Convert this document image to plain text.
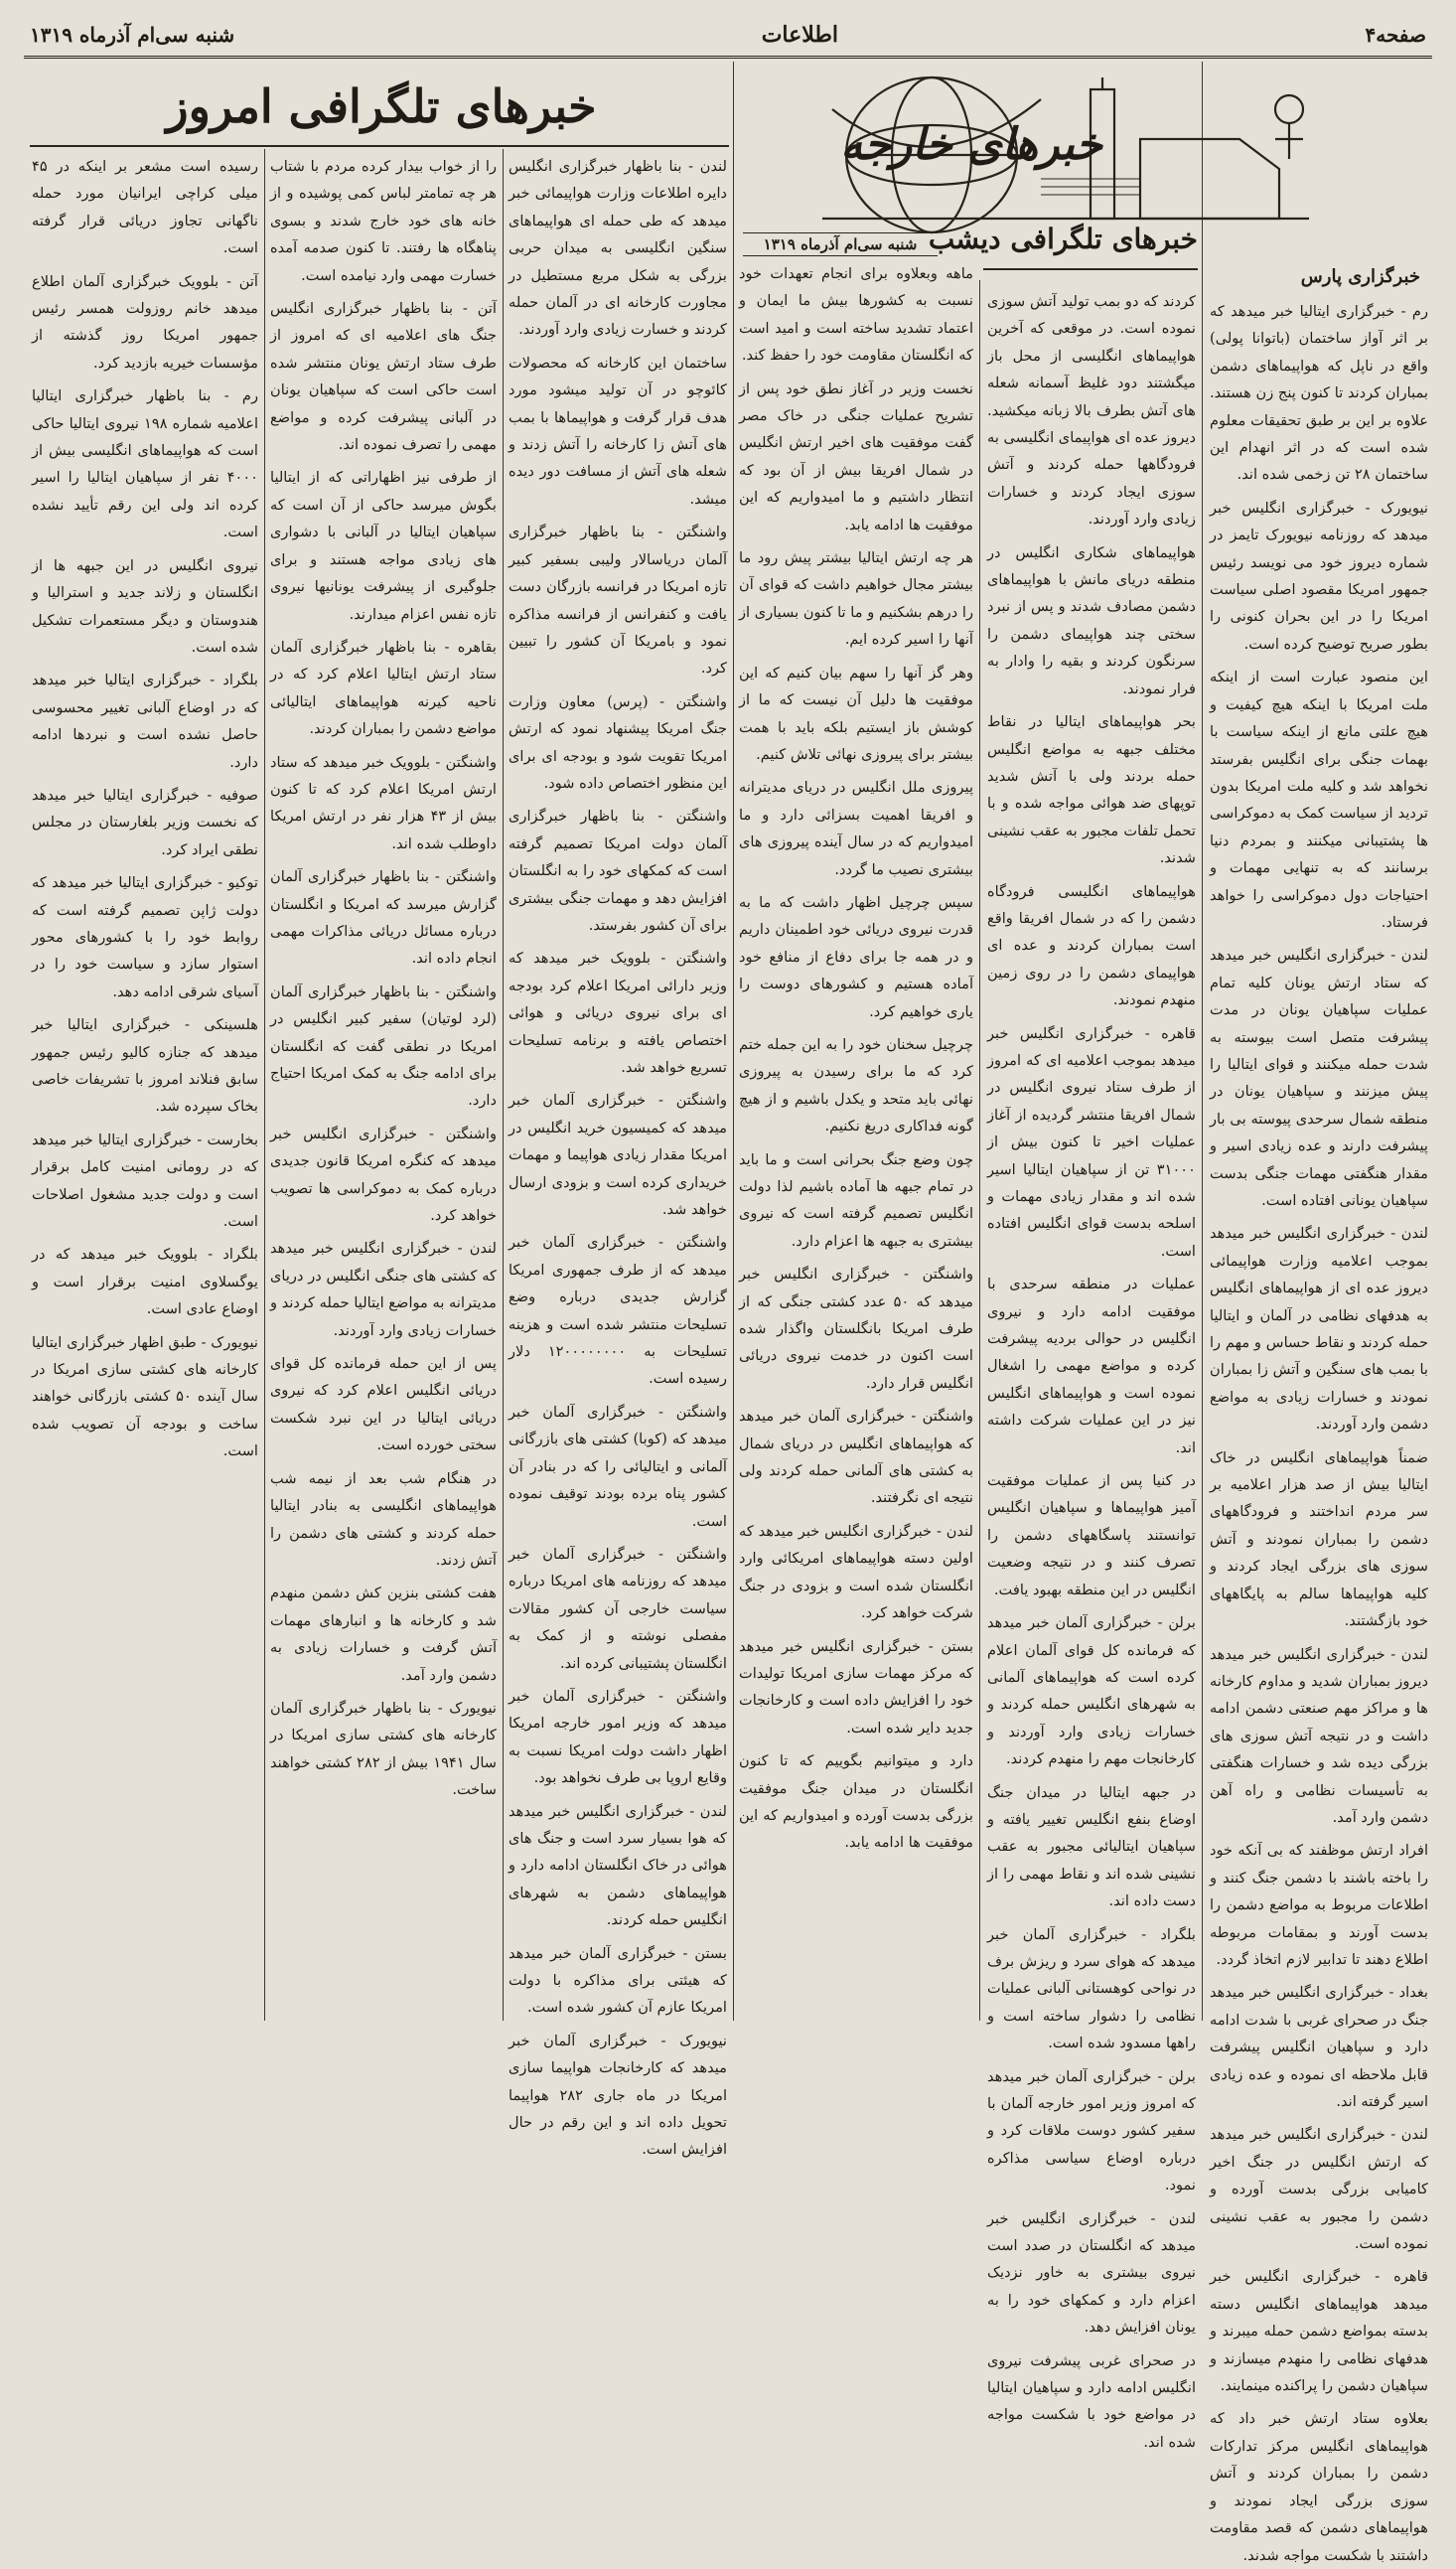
صفحه۴
اطلاعات
شنبه سی‌ام آذرماه ۱۳۱۹
خبرهای خارجه
خبرگزاری پارس
خبرهای تلگرافی دیشب
شنبه سی‌ام آذرماه ۱۳۱۹
خبرهای تلگرافی امروز

رم - خبرگزاری ایتالیا خبر میدهد که بر اثر آواز ساختمان (باتوانا پولی) واقع در ناپل که هواپیماهای دشمن بمباران کردند تا کنون پنج زن هستند. علاوه بر این بر طبق تحقیقات معلوم شده است که در اثر انهدام این ساختمان ۲۸ تن زخمی شده اند.

نیویورک - خبرگزاری انگلیس خبر میدهد که روزنامه نیویورک تایمز در شماره دیروز خود می نویسد رئیس جمهور امریکا مقصود اصلی سیاست امریکا را در این بحران کنونی را بطور صریح توضیح کرده است.

این منصود عبارت است از اینکه ملت امریکا با اینکه هیچ کیفیت و هیچ علتی مانع از اینکه سیاست با بهمات جنگی برای انگلیس بفرستد نخواهد شد و کلیه ملت امریکا بدون تردید از سیاست کمک به دموکراسی ها پشتیبانی میکنند و بمردم دنیا برسانند که به تنهایی مهمات و احتیاجات دول دموکراسی را خواهد فرستاد.

لندن - خبرگزاری انگلیس خبر میدهد که ستاد ارتش یونان کلیه تمام عملیات سپاهیان یونان در مدت پیشرفت متصل است بیوسته به شدت حمله میکنند و قوای ایتالیا را پیش میزنند و سپاهیان یونان در منطقه شمال سرحدی پیوسته بی بار پیشرفت دارند و عده زیادی اسیر و مقدار هنگفتی مهمات جنگی بدست سپاهیان یونانی افتاده است.

لندن - خبرگزاری انگلیس خبر میدهد بموجب اعلامیه وزارت هواپیمائی دیروز عده ای از هواپیماهای انگلیس به هدفهای نظامی در آلمان و ایتالیا حمله کردند و نقاط حساس و مهم را با بمب های سنگین و آتش زا بمباران نمودند و خسارات زیادی به مواضع دشمن وارد آوردند.

ضمناً هواپیماهای انگلیس در خاک ایتالیا بیش از صد هزار اعلامیه بر سر مردم انداختند و فرودگاههای دشمن را بمباران نمودند و آتش سوزی های بزرگی ایجاد کردند و کلیه هواپیماها سالم به پایگاههای خود بازگشتند.

لندن - خبرگزاری انگلیس خبر میدهد دیروز بمباران شدید و مداوم کارخانه ها و مراکز مهم صنعتی دشمن ادامه داشت و در نتیجه آتش سوزی های بزرگی دیده شد و خسارات هنگفتی به تأسیسات نظامی و راه آهن دشمن وارد آمد.

افراد ارتش موظفند که بی آنکه خود را باخته باشند با دشمن جنگ کنند و اطلاعات مربوط به مواضع دشمن را بدست آورند و بمقامات مربوطه اطلاع دهند تا تدابیر لازم اتخاذ گردد.

بغداد - خبرگزاری انگلیس خبر میدهد جنگ در صحرای غربی با شدت ادامه دارد و سپاهیان انگلیس پیشرفت قابل ملاحظه ای نموده و عده زیادی اسیر گرفته اند.

لندن - خبرگزاری انگلیس خبر میدهد که ارتش انگلیس در جنگ اخیر کامیابی بزرگی بدست آورده و دشمن را مجبور به عقب نشینی نموده است.

قاهره - خبرگزاری انگلیس خبر میدهد هواپیماهای انگلیس دسته بدسته بمواضع دشمن حمله میبرند و هدفهای نظامی را منهدم میسازند و سپاهیان دشمن را پراکنده مینمایند.

بعلاوه ستاد ارتش خبر داد که هواپیماهای انگلیس مرکز تدارکات دشمن را بمباران کردند و آتش سوزی بزرگی ایجاد نمودند و هواپیماهای دشمن که قصد مقاومت داشتند با شکست مواجه شدند.

کردند که دو بمب تولید آتش سوزی نموده است. در موقعی که آخرین هواپیماهای انگلیسی از محل باز میگشتند دود غلیظ آسمانه شعله های آتش بطرف بالا زبانه میکشید. دیروز عده ای هواپیمای انگلیسی به فرودگاهها حمله کردند و آتش سوزی ایجاد کردند و خسارات زیادی وارد آوردند.

هواپیماهای شکاری انگلیس در منطقه دریای مانش با هواپیماهای دشمن مصادف شدند و پس از نبرد سختی چند هواپیمای دشمن را سرنگون کردند و بقیه را وادار به فرار نمودند.

بحر هواپیماهای ایتالیا در نقاط مختلف جبهه به مواضع انگلیس حمله بردند ولی با آتش شدید توپهای ضد هوائی مواجه شده و با تحمل تلفات مجبور به عقب نشینی شدند.

هواپیماهای انگلیسی فرودگاه دشمن را که در شمال افریقا واقع است بمباران کردند و عده ای هواپیمای دشمن را در روی زمین منهدم نمودند.

قاهره - خبرگزاری انگلیس خبر میدهد بموجب اعلامیه ای که امروز از طرف ستاد نیروی انگلیس در شمال افریقا منتشر گردیده از آغاز عملیات اخیر تا کنون بیش از ۳۱۰۰۰ تن از سپاهیان ایتالیا اسیر شده اند و مقدار زیادی مهمات و اسلحه بدست قوای انگلیس افتاده است.

عملیات در منطقه سرحدی با موفقیت ادامه دارد و نیروی انگلیس در حوالی بردیه پیشرفت کرده و مواضع مهمی را اشغال نموده است و هواپیماهای انگلیس نیز در این عملیات شرکت داشته اند.

در کنیا پس از عملیات موفقیت آمیز هواپیماها و سپاهیان انگلیس توانستند پاسگاههای دشمن را تصرف کنند و در نتیجه وضعیت انگلیس در این منطقه بهبود یافت.

برلن - خبرگزاری آلمان خبر میدهد که فرمانده کل قوای آلمان اعلام کرده است که هواپیماهای آلمانی به شهرهای انگلیس حمله کردند و خسارات زیادی وارد آوردند و کارخانجات مهم را منهدم کردند.

در جبهه ایتالیا در میدان جنگ اوضاع بنفع انگلیس تغییر یافته و سپاهیان ایتالیائی مجبور به عقب نشینی شده اند و نقاط مهمی را از دست داده اند.

بلگراد - خبرگزاری آلمان خبر میدهد که هوای سرد و ریزش برف در نواحی کوهستانی آلبانی عملیات نظامی را دشوار ساخته است و راهها مسدود شده است.

برلن - خبرگزاری آلمان خبر میدهد که امروز وزیر امور خارجه آلمان با سفیر کشور دوست ملاقات کرد و درباره اوضاع سیاسی مذاکره نمود.

لندن - خبرگزاری انگلیس خبر میدهد که انگلستان در صدد است نیروی بیشتری به خاور نزدیک اعزام دارد و کمکهای خود را به یونان افزایش دهد.

در صحرای غربی پیشرفت نیروی انگلیس ادامه دارد و سپاهیان ایتالیا در مواضع خود با شکست مواجه شده اند.

ماهه وبعلاوه برای انجام تعهدات خود نسبت به کشورها بیش ما ایمان و اعتماد تشدید ساخته است و امید است که انگلستان مقاومت خود را حفظ کند.

نخست وزیر در آغاز نطق خود پس از تشریح عملیات جنگی در خاک مصر گفت موفقیت های اخیر ارتش انگلیس در شمال افریقا بیش از آن بود که انتظار داشتیم و ما امیدواریم که این موفقیت ها ادامه یابد.

هر چه ارتش ایتالیا بیشتر پیش رود ما بیشتر مجال خواهیم داشت که قوای آن را درهم بشکنیم و ما تا کنون بسیاری از آنها را اسیر کرده ایم.

وهر گز آنها را سهم بیان کنیم که این موفقیت ها دلیل آن نیست که ما از کوشش باز ایستیم بلکه باید با همت بیشتر برای پیروزی نهائی تلاش کنیم.

پیروزی ملل انگلیس در دریای مدیترانه و افریقا اهمیت بسزائی دارد و ما امیدواریم که در سال آینده پیروزی های بیشتری نصیب ما گردد.

سپس چرچیل اظهار داشت که ما به قدرت نیروی دریائی خود اطمینان داریم و در همه جا برای دفاع از منافع خود آماده هستیم و کشورهای دوست را یاری خواهیم کرد.

چرچیل سخنان خود را به این جمله ختم کرد که ما برای رسیدن به پیروزی نهائی باید متحد و یکدل باشیم و از هیچ گونه فداکاری دریغ نکنیم.

چون وضع جنگ بحرانی است و ما باید در تمام جبهه ها آماده باشیم لذا دولت انگلیس تصمیم گرفته است که نیروی بیشتری به جبهه ها اعزام دارد.

واشنگتن - خبرگزاری انگلیس خبر میدهد که ۵۰ عدد کشتی جنگی که از طرف امریکا بانگلستان واگذار شده است اکنون در خدمت نیروی دریائی انگلیس قرار دارد.

واشنگتن - خبرگزاری آلمان خبر میدهد که هواپیماهای انگلیس در دریای شمال به کشتی های آلمانی حمله کردند ولی نتیجه ای نگرفتند.

لندن - خبرگزاری انگلیس خبر میدهد که اولین دسته هواپیماهای امریکائی وارد انگلستان شده است و بزودی در جنگ شرکت خواهد کرد.

بستن - خبرگزاری انگلیس خبر میدهد که مرکز مهمات سازی امریکا تولیدات خود را افزایش داده است و کارخانجات جدید دایر شده است.

دارد و میتوانیم بگوییم که تا کنون انگلستان در میدان جنگ موفقیت بزرگی بدست آورده و امیدواریم که این موفقیت ها ادامه یابد.

لندن - بنا باظهار خبرگزاری انگلیس دایره اطلاعات وزارت هواپیمائی خبر میدهد که طی حمله ای هواپیماهای سنگین انگلیسی به میدان حربی بزرگی به شکل مربع مستطیل در مجاورت کارخانه ای در آلمان حمله کردند و خسارت زیادی وارد آوردند.

ساختمان این کارخانه که محصولات کائوچو در آن تولید میشود مورد هدف قرار گرفت و هواپیماها با بمب های آتش زا کارخانه را آتش زدند و شعله های آتش از مسافت دور دیده میشد.

واشنگتن - بنا باظهار خبرگزاری آلمان دریاسالار ولیبی بسفیر کبیر تازه امریکا در فرانسه بازرگان دست یافت و کنفرانس از فرانسه مذاکره نمود و بامریکا آن کشور را تبیین کرد.

واشنگتن - (پرس) معاون وزارت جنگ امریکا پیشنهاد نمود که ارتش امریکا تقویت شود و بودجه ای برای این منظور اختصاص داده شود.

واشنگتن - بنا باظهار خبرگزاری آلمان دولت امریکا تصمیم گرفته است که کمکهای خود را به انگلستان افزایش دهد و مهمات جنگی بیشتری برای آن کشور بفرستد.

واشنگتن - بلوویک خبر میدهد که وزیر دارائی امریکا اعلام کرد بودجه ای برای نیروی دریائی و هوائی اختصاص یافته و برنامه تسلیحات تسریع خواهد شد.

واشنگتن - خبرگزاری آلمان خبر میدهد که کمیسیون خرید انگلیس در امریکا مقدار زیادی هواپیما و مهمات خریداری کرده است و بزودی ارسال خواهد شد.

واشنگتن - خبرگزاری آلمان خبر میدهد که از طرف جمهوری امریکا گزارش جدیدی درباره وضع تسلیحات منتشر شده است و هزینه تسلیحات به ۱۲۰۰۰۰۰۰۰۰ دلار رسیده است.

واشنگتن - خبرگزاری آلمان خبر میدهد که (کوبا) کشتی های بازرگانی آلمانی و ایتالیائی را که در بنادر آن کشور پناه برده بودند توقیف نموده است.

واشنگتن - خبرگزاری آلمان خبر میدهد که روزنامه های امریکا درباره سیاست خارجی آن کشور مقالات مفصلی نوشته و از کمک به انگلستان پشتیبانی کرده اند.

واشنگتن - خبرگزاری آلمان خبر میدهد که وزیر امور خارجه امریکا اظهار داشت دولت امریکا نسبت به وقایع اروپا بی طرف نخواهد بود.

لندن - خبرگزاری انگلیس خبر میدهد که هوا بسیار سرد است و جنگ های هوائی در خاک انگلستان ادامه دارد و هواپیماهای دشمن به شهرهای انگلیس حمله کردند.

بستن - خبرگزاری آلمان خبر میدهد که هیئتی برای مذاکره با دولت امریکا عازم آن کشور شده است.

نیویورک - خبرگزاری آلمان خبر میدهد که کارخانجات هواپیما سازی امریکا در ماه جاری ۲۸۲ هواپیما تحویل داده اند و این رقم در حال افزایش است.

را از خواب بیدار کرده مردم با شتاب هر چه تمامتر لباس کمی پوشیده و از خانه های خود خارج شدند و بسوی پناهگاه ها رفتند. تا کنون صدمه آمده خسارت مهمی وارد نیامده است.

آتن - بنا باظهار خبرگزاری انگلیس جنگ های اعلامیه ای که امروز از طرف ستاد ارتش یونان منتشر شده است حاکی است که سپاهیان یونان در آلبانی پیشرفت کرده و مواضع مهمی را تصرف نموده اند.

از طرفی نیز اظهاراتی که از ایتالیا بگوش میرسد حاکی از آن است که سپاهیان ایتالیا در آلبانی با دشواری های زیادی مواجه هستند و برای جلوگیری از پیشرفت یونانیها نیروی تازه نفس اعزام میدارند.

بقاهره - بنا باظهار خبرگزاری آلمان ستاد ارتش ایتالیا اعلام کرد که در ناحیه کیرنه هواپیماهای ایتالیائی مواضع دشمن را بمباران کردند.

واشنگتن - بلوویک خبر میدهد که ستاد ارتش امریکا اعلام کرد که تا کنون بیش از ۴۳ هزار نفر در ارتش امریکا داوطلب شده اند.

واشنگتن - بنا باظهار خبرگزاری آلمان گزارش میرسد که امریکا و انگلستان درباره مسائل دریائی مذاکرات مهمی انجام داده اند.

واشنگتن - بنا باظهار خبرگزاری آلمان (لرد لوتیان) سفیر کبیر انگلیس در امریکا در نطقی گفت که انگلستان برای ادامه جنگ به کمک امریکا احتیاج دارد.

واشنگتن - خبرگزاری انگلیس خبر میدهد که کنگره امریکا قانون جدیدی درباره کمک به دموکراسی ها تصویب خواهد کرد.

لندن - خبرگزاری انگلیس خبر میدهد که کشتی های جنگی انگلیس در دریای مدیترانه به مواضع ایتالیا حمله کردند و خسارات زیادی وارد آوردند.

پس از این حمله فرمانده کل قوای دریائی انگلیس اعلام کرد که نیروی دریائی ایتالیا در این نبرد شکست سختی خورده است.

در هنگام شب بعد از نیمه شب هواپیماهای انگلیسی به بنادر ایتالیا حمله کردند و کشتی های دشمن را آتش زدند.

هفت کشتی بنزین کش دشمن منهدم شد و کارخانه ها و انبارهای مهمات آتش گرفت و خسارات زیادی به دشمن وارد آمد.

نیویورک - بنا باظهار خبرگزاری آلمان کارخانه های کشتی سازی امریکا در سال ۱۹۴۱ بیش از ۲۸۲ کشتی خواهند ساخت.

رسیده است مشعر بر اینکه در ۴۵ میلی کراچی ایرانیان مورد حمله ناگهانی تجاوز دریائی قرار گرفته است.

آتن - بلوویک خبرگزاری آلمان اطلاع میدهد خانم روزولت همسر رئیس جمهور امریکا روز گذشته از مؤسسات خیریه بازدید کرد.

رم - بنا باظهار خبرگزاری ایتالیا اعلامیه شماره ۱۹۸ نیروی ایتالیا حاکی است که هواپیماهای انگلیسی بیش از ۴۰۰۰ نفر از سپاهیان ایتالیا را اسیر کرده اند ولی این رقم تأیید نشده است.

نیروی انگلیس در این جبهه ها از انگلستان و زلاند جدید و استرالیا و هندوستان و دیگر مستعمرات تشکیل شده است.

بلگراد - خبرگزاری ایتالیا خبر میدهد که در اوضاع آلبانی تغییر محسوسی حاصل نشده است و نبردها ادامه دارد.

صوفیه - خبرگزاری ایتالیا خبر میدهد که نخست وزیر بلغارستان در مجلس نطقی ایراد کرد.

توکیو - خبرگزاری ایتالیا خبر میدهد که دولت ژاپن تصمیم گرفته است که روابط خود را با کشورهای محور استوار سازد و سیاست خود را در آسیای شرقی ادامه دهد.

هلسینکی - خبرگزاری ایتالیا خبر میدهد که جنازه کالیو رئیس جمهور سابق فنلاند امروز با تشریفات خاصی بخاک سپرده شد.

بخارست - خبرگزاری ایتالیا خبر میدهد که در رومانی امنیت کامل برقرار است و دولت جدید مشغول اصلاحات است.

بلگراد - بلوویک خبر میدهد که در یوگسلاوی امنیت برقرار است و اوضاع عادی است.

نیویورک - طبق اظهار خبرگزاری ایتالیا کارخانه های کشتی سازی امریکا در سال آینده ۵۰ کشتی بازرگانی خواهند ساخت و بودجه آن تصویب شده است.
